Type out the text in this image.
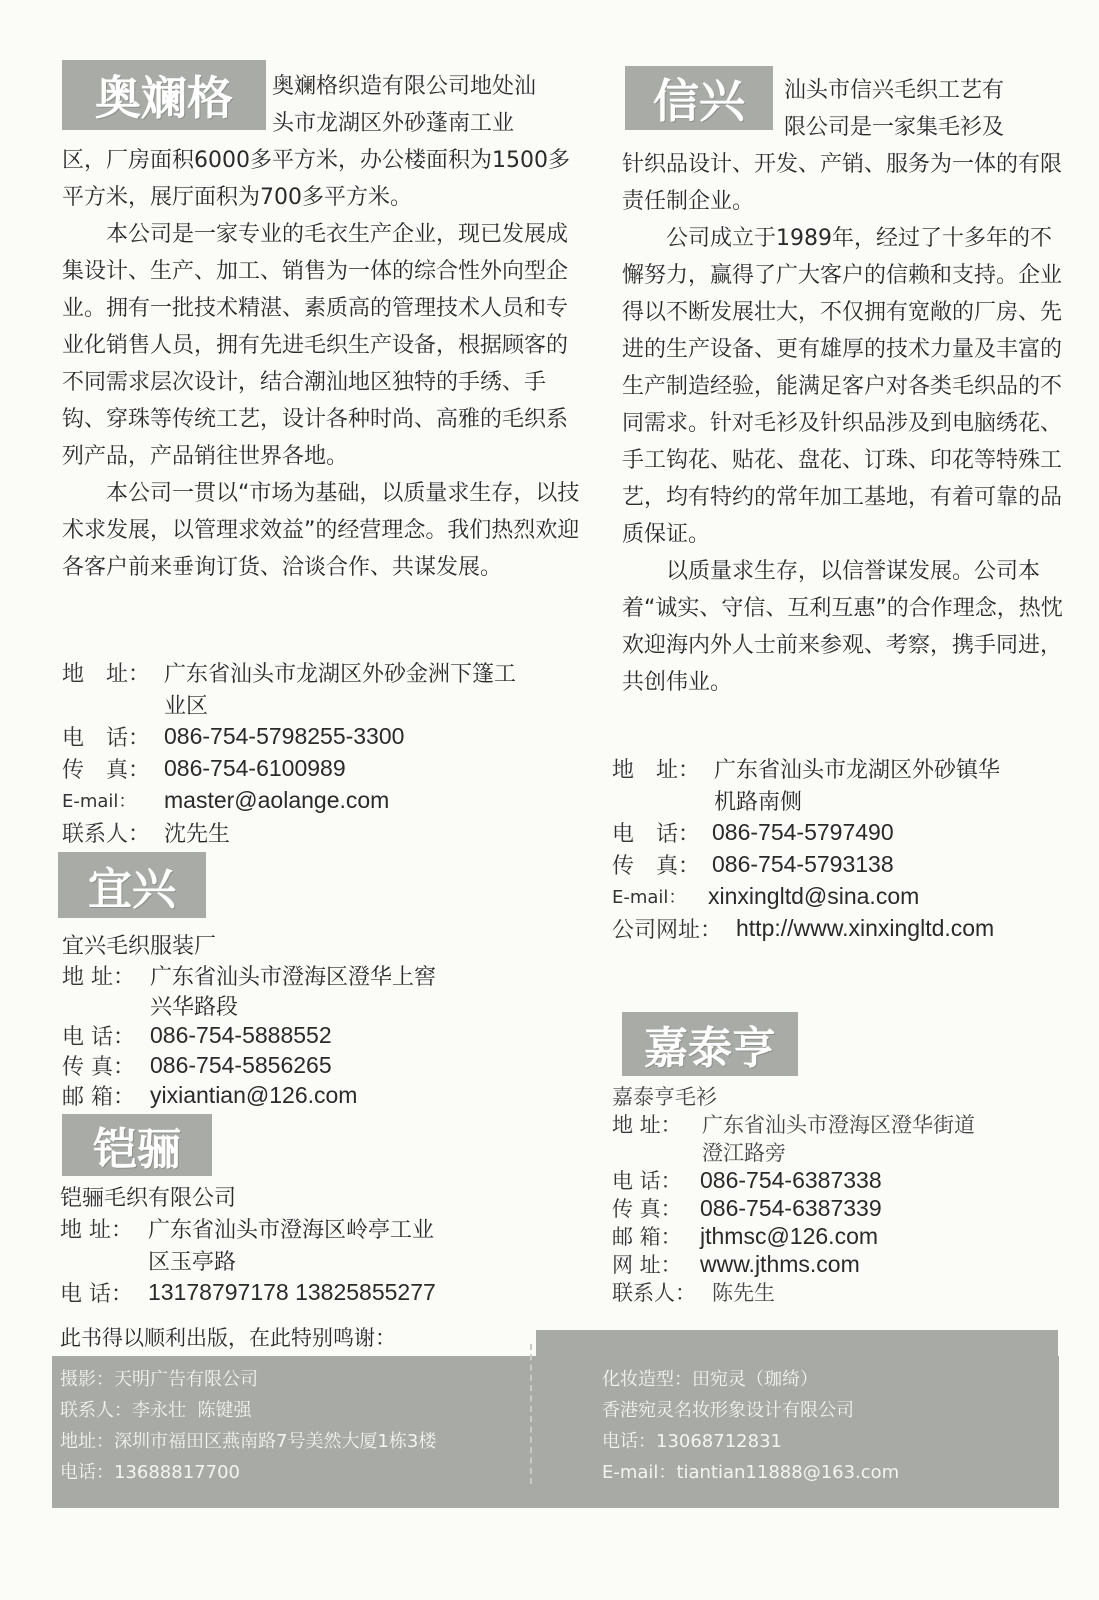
奥斓格 奥斓格织造有限公司地处汕

头市龙湖区外砂蓬南工业

区，厂房面积6000多平方米，办公楼面积为1500多平方米，展厅面积为700多平方米。

本公司是一家专业的毛衣生产企业，现已发展成集设计、生产、加工、销售为一体的综合性外向型企业。拥有一批技术精湛、素质高的管理技术人员和专业化销售人员，拥有先进毛织生产设备，根据顾客的不同需求层次设计，结合潮汕地区独特的手绣、手钩、穿珠等传统工艺，设计各种时尚、高雅的毛织系列产品，产品销往世界各地。

本公司一贯以“市场为基础，以质量求生存，以技术求发展，以管理求效益”的经营理念。我们热烈欢迎各客户前来垂询订货、洽谈合作、共谋发展。

地　址： 广东省汕头市龙湖区外砂金洲下篷工
业区
电　话： 086-754-5798255-3300
传　真： 086-754-6100989
E-mail：	master@aolange.com
联系人： 沈先生
信兴 汕头市信兴毛织工艺有

限公司是一家集毛衫及

针织品设计、开发、产销、服务为一体的有限责任制企业。

公司成立于1989年，经过了十多年的不懈努力，赢得了广大客户的信赖和支持。企业得以不断发展壮大，不仅拥有宽敞的厂房、先进的生产设备、更有雄厚的技术力量及丰富的生产制造经验，能满足客户对各类毛织品的不同需求。针对毛衫及针织品涉及到电脑绣花、手工钩花、贴花、盘花、订珠、印花等特殊工艺，均有特约的常年加工基地，有着可靠的品质保证。

以质量求生存，以信誉谋发展。公司本着“诚实、守信、互利互惠”的合作理念，热忱欢迎海内外人士前来参观、考察，携手同进，共创伟业。

地　址： 广东省汕头市龙湖区外砂镇华
机路南侧
电　话： 086-754-5797490
传　真： 086-754-5793138
E-mail： xinxingltd@sina.com
公司网址： http://www.xinxingltd.com
宜兴
宜兴毛织服装厂
地 址： 广东省汕头市澄海区澄华上窖
兴华路段
电 话： 086-754-5888552
传 真： 086-754-5856265
邮 箱： yixiantian@126.com
铠骊
铠骊毛织有限公司
地 址： 广东省汕头市澄海区岭亭工业
区玉亭路
电 话： 13178797178 13825855277
嘉泰亨
嘉泰亨毛衫
地 址： 广东省汕头市澄海区澄华街道
澄江路旁
电 话： 086-754-6387338
传 真： 086-754-6387339
邮 箱： jthmsc@126.com
网 址： www.jthms.com
联系人： 陈先生
此书得以顺利出版，在此特别鸣谢：
摄影：天明广告有限公司
联系人：李永壮  陈键强
地址：深圳市福田区燕南路7号美然大厦1栋3楼
电话：13688817700
化妆造型：田宛灵（珈绮）
香港宛灵名妆形象设计有限公司
电话：13068712831
E-mail：tiantian11888@163.com
